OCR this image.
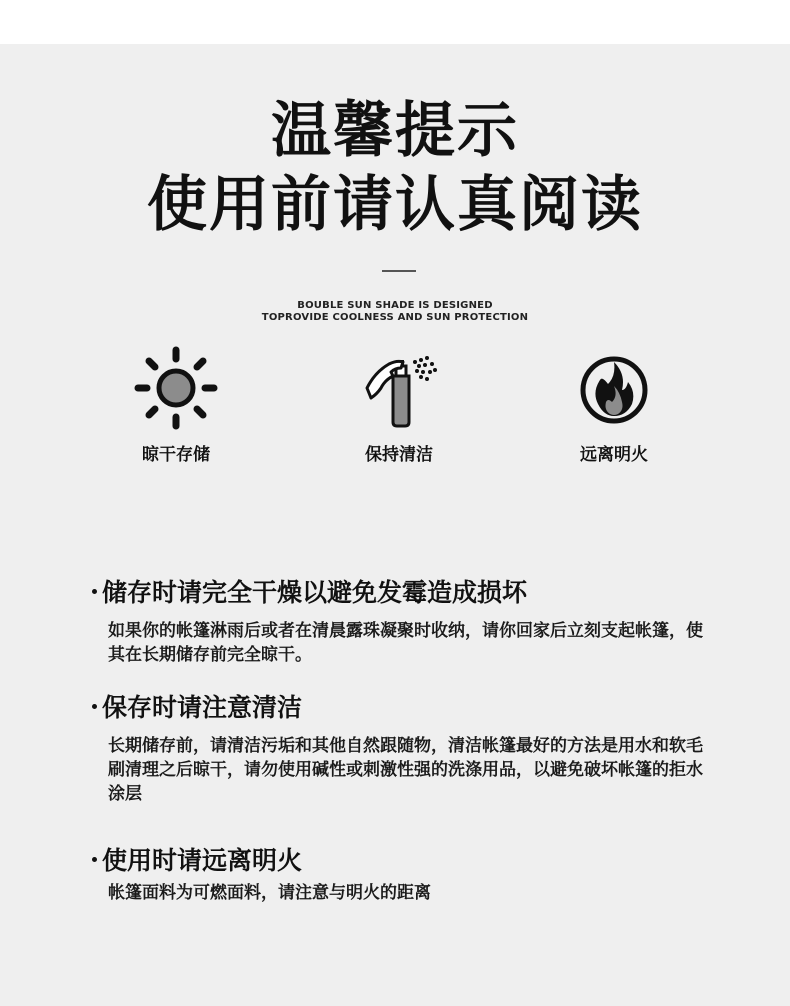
温馨提示
使用前请认真阅读
BOUBLE SUN SHADE IS DESIGNED
TOPROVIDE COOLNESS AND SUN PROTECTION
晾干存储	保持清洁	远离明火
储存时请完全干燥以避免发霉造成损坏

如果你的帐篷淋雨后或者在清晨露珠凝聚时收纳，请你回家后立刻支起帐篷，使其在长期储存前完全晾干。

保存时请注意清洁

长期储存前，请清洁污垢和其他自然跟随物，清洁帐篷最好的方法是用水和软毛刷清理之后晾干，请勿使用碱性或刺激性强的洗涤用品，以避免破坏帐篷的拒水涂层

使用时请远离明火

帐篷面料为可燃面料，请注意与明火的距离
